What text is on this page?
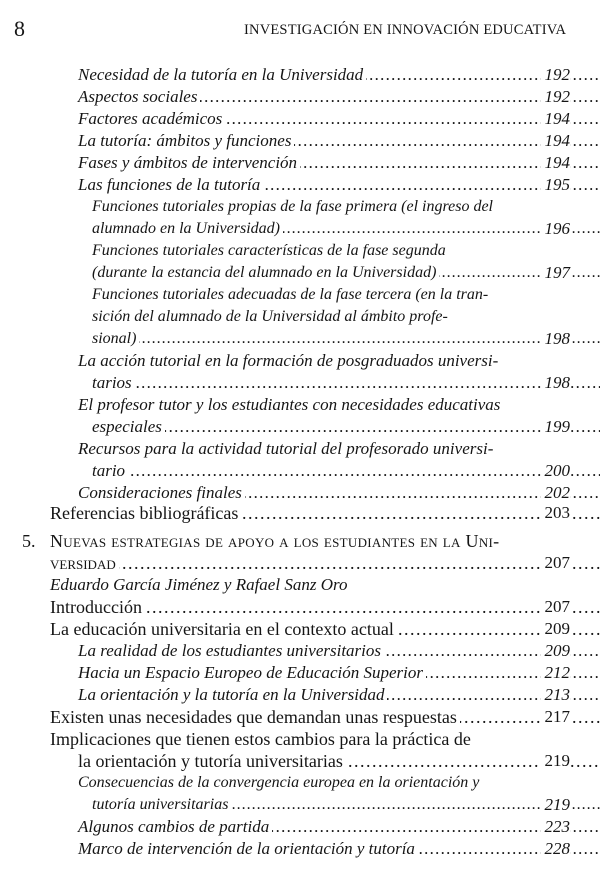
8	INVESTIGACIÓN EN INNOVACIÓN EDUCATIVA
. . .
Necesidad de la tutoría en la Universidad	192
. . .
Aspectos sociales	192
. . .
Factores académicos	194
. . .
La tutoría: ámbitos y funciones	194
. . .
Fases y ámbitos de intervención	194
. . .
Las funciones de la tutoría	195
Funciones tutoriales propias de la fase primera (el ingreso del
. . .
alumnado en la Universidad)	196
Funciones tutoriales características de la fase segunda
. . .
(durante la estancia del alumnado en la Universidad)	197
Funciones tutoriales adecuadas de la fase tercera (en la tran-
sición del alumnado de la Universidad al ámbito profe-
. . .
sional)	198
La acción tutorial en la formación de posgraduados universi-
. . .
tarios	198
El profesor tutor y los estudiantes con necesidades educativas
. . .
especiales	199
Recursos para la actividad tutorial del profesorado universi-
. . .
tario	200
. . .
Consideraciones finales	202
. . .
Referencias bibliográficas	203
5. Nuevas estrategias de apoyo a los estudiantes en la Uni-
. . .
versidad	207
Eduardo García Jiménez y Rafael Sanz Oro
. . .
Introducción	207
. . .
La educación universitaria en el contexto actual	209
. . .
La realidad de los estudiantes universitarios	209
. . .
Hacia un Espacio Europeo de Educación Superior	212
. . .
La orientación y la tutoría en la Universidad	213
. . .
Existen unas necesidades que demandan unas respuestas	217
Implicaciones que tienen estos cambios para la práctica de
. . .
la orientación y tutoría universitarias	219
Consecuencias de la convergencia europea en la orientación y
. . .
tutoría universitarias	219
. . .
Algunos cambios de partida	223
. . .
Marco de intervención de la orientación y tutoría	228
